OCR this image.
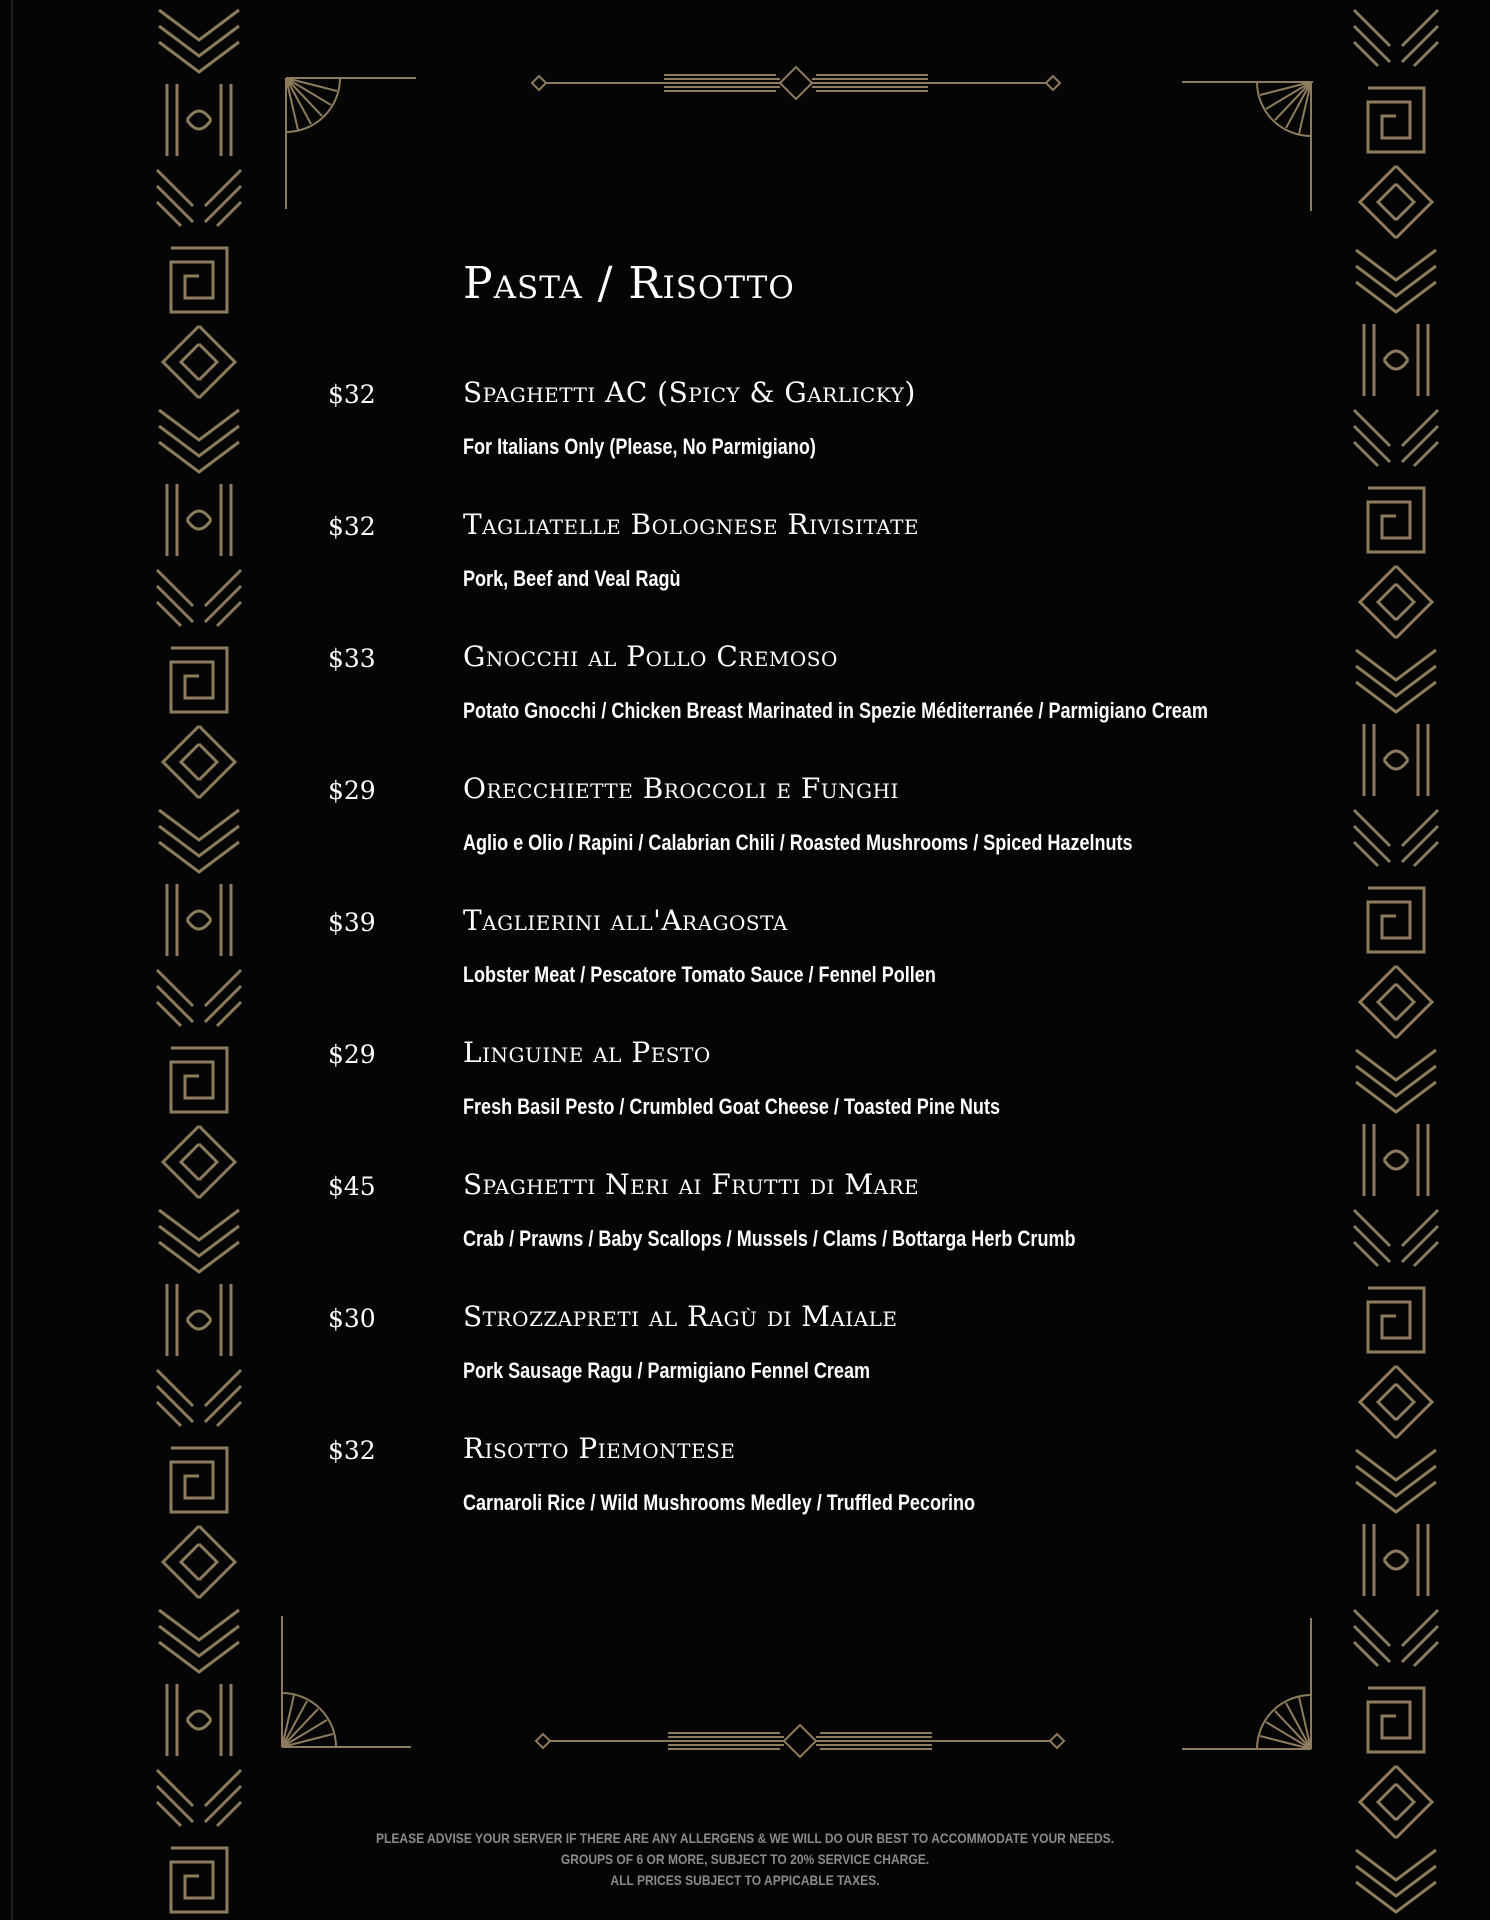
Pasta / Risotto
$32	Spaghetti AC (Spicy & Garlicky)
For Italians Only (Please, No Parmigiano)
$32	Tagliatelle Bolognese Rivisitate
Pork, Beef and Veal Ragù
$33	Gnocchi al Pollo Cremoso
Potato Gnocchi / Chicken Breast Marinated in Spezie Méditerranée / Parmigiano Cream
$29	Orecchiette Broccoli e Funghi
Aglio e Olio / Rapini / Calabrian Chili / Roasted Mushrooms / Spiced Hazelnuts
$39	Taglierini all'Aragosta
Lobster Meat / Pescatore Tomato Sauce / Fennel Pollen
$29	Linguine al Pesto
Fresh Basil Pesto / Crumbled Goat Cheese / Toasted Pine Nuts
$45	Spaghetti Neri ai Frutti di Mare
Crab / Prawns / Baby Scallops / Mussels / Clams / Bottarga Herb Crumb
$30	Strozzapreti al Ragù di Maiale
Pork Sausage Ragu / Parmigiano Fennel Cream
$32	Risotto Piemontese
Carnaroli Rice / Wild Mushrooms Medley / Truffled Pecorino
PLEASE ADVISE YOUR SERVER IF THERE ARE ANY ALLERGENS & WE WILL DO OUR BEST TO ACCOMMODATE YOUR NEEDS.
GROUPS OF 6 OR MORE, SUBJECT TO 20% SERVICE CHARGE.
ALL PRICES SUBJECT TO APPICABLE TAXES.
